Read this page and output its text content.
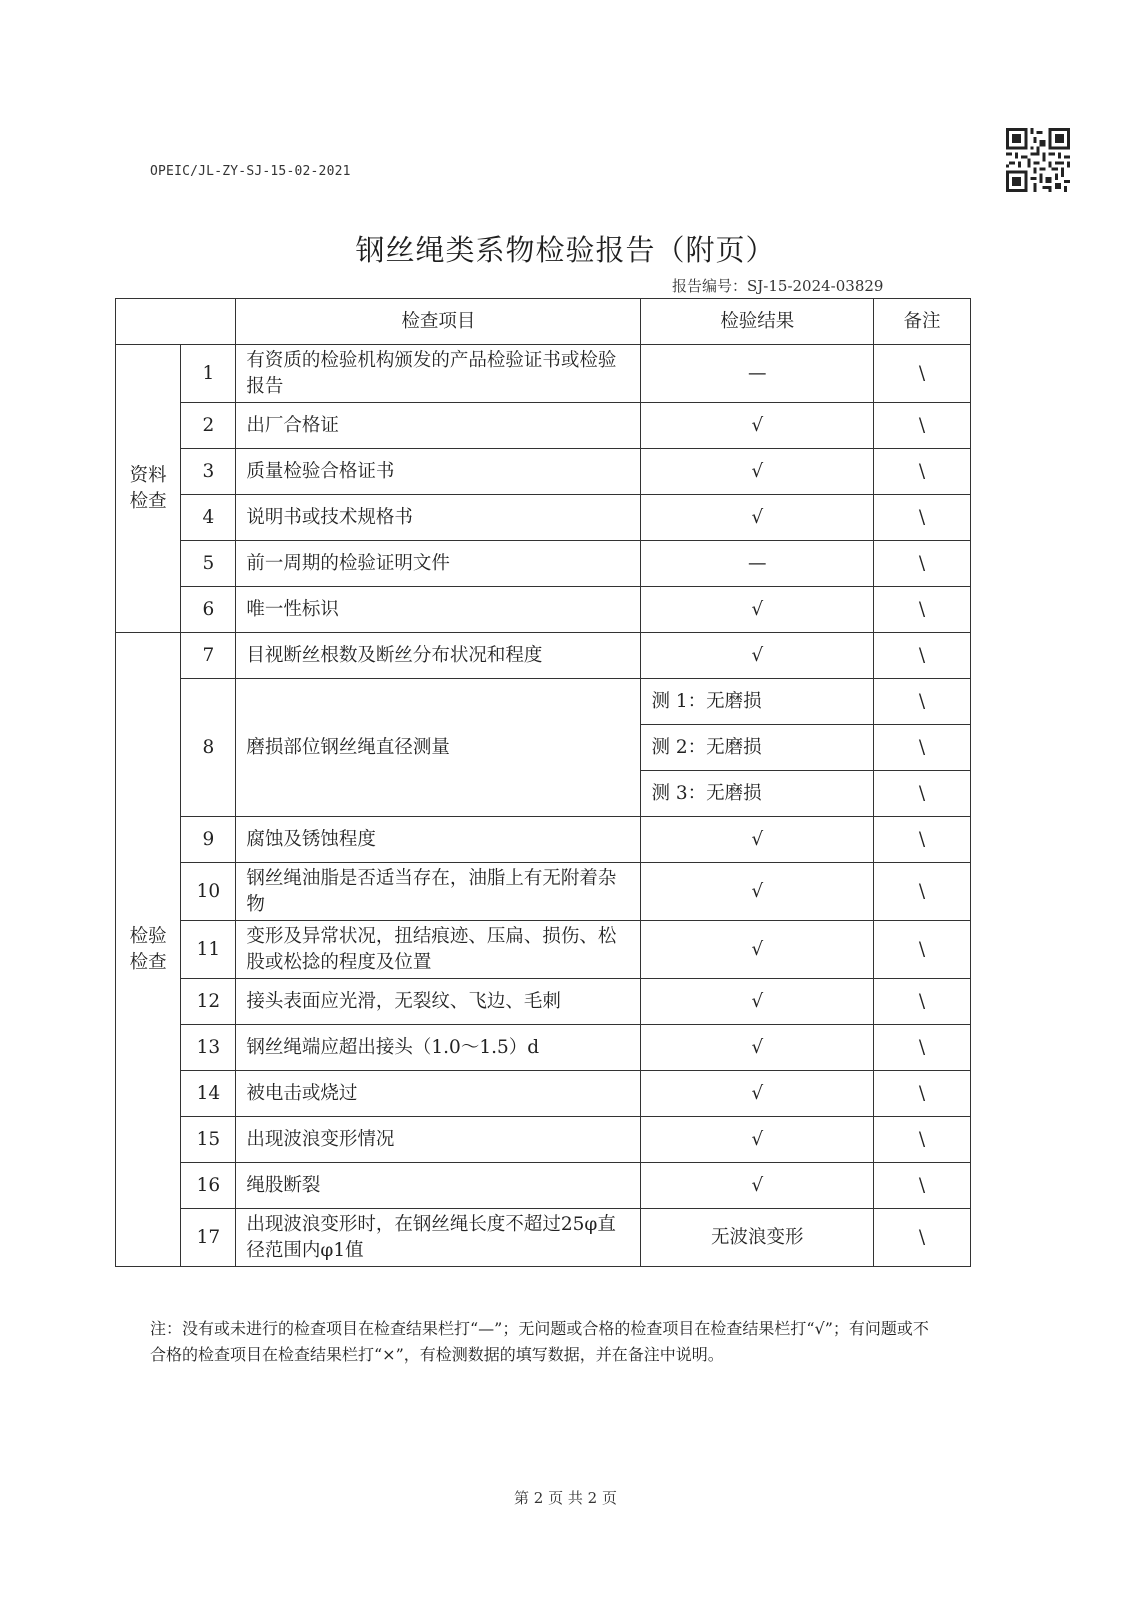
OPEIC/JL-ZY-SJ-15-02-2021
钢丝绳类系物检验报告（附页）
报告编号：SJ-15-2024-03829
		检查项目	检验结果	备注
资料
检查	1	有资质的检验机构颁发的产品检验证书或检验报告	—	\
	2	出厂合格证	√	\
	3	质量检验合格证书	√	\
	4	说明书或技术规格书	√	\
	5	前一周期的检验证明文件	—	\
	6	唯一性标识	√	\
检验
检查	7	目视断丝根数及断丝分布状况和程度	√	\
	8	磨损部位钢丝绳直径测量	测 1：无磨损	\
			测 2：无磨损	\
			测 3：无磨损	\
	9	腐蚀及锈蚀程度	√	\
	10	钢丝绳油脂是否适当存在，油脂上有无附着杂物	√	\
	11	变形及异常状况，扭结痕迹、压扁、损伤、松股或松捻的程度及位置	√	\
	12	接头表面应光滑，无裂纹、飞边、毛刺	√	\
	13	钢丝绳端应超出接头（1.0～1.5）d	√	\
	14	被电击或烧过	√	\
	15	出现波浪变形情况	√	\
	16	绳股断裂	√	\
	17	出现波浪变形时，在钢丝绳长度不超过25φ直径范围内φ1值	无波浪变形	\
注：没有或未进行的检查项目在检查结果栏打“—”；无问题或合格的检查项目在检查结果栏打“√”；有问题或不合格的检查项目在检查结果栏打“×”，有检测数据的填写数据，并在备注中说明。
第 2 页 共 2 页
